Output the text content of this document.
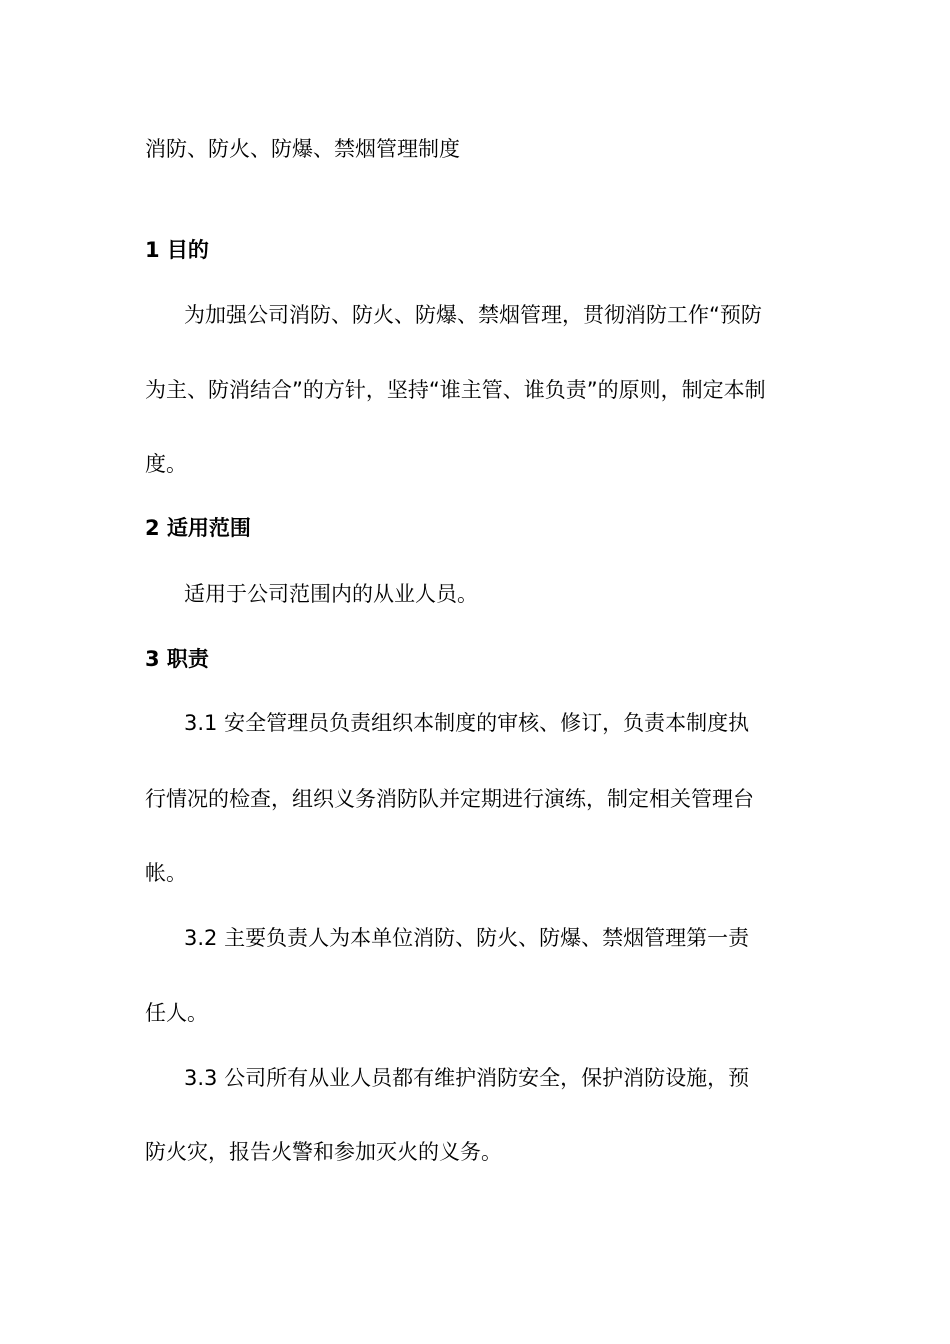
消防、防火、防爆、禁烟管理制度
1 目的
为加强公司消防、防火、防爆、禁烟管理，贯彻消防工作“预防
为主、防消结合”的方针，坚持“谁主管、谁负责”的原则，制定本制
度。
2 适用范围
适用于公司范围内的从业人员。
3 职责
3.1 安全管理员负责组织本制度的审核、修订，负责本制度执
行情况的检查，组织义务消防队并定期进行演练，制定相关管理台
帐。
3.2 主要负责人为本单位消防、防火、防爆、禁烟管理第一责
任人。
3.3 公司所有从业人员都有维护消防安全，保护消防设施，预
防火灾，报告火警和参加灭火的义务。
